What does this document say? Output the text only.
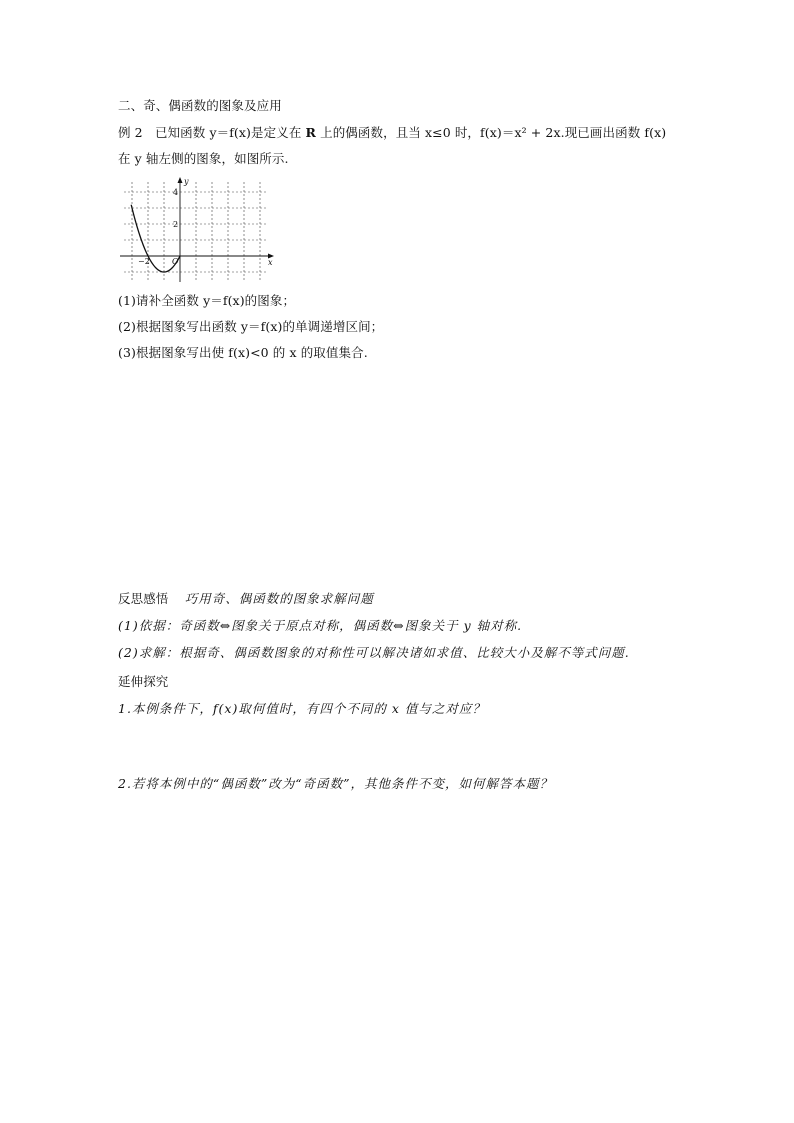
二、奇、偶函数的图象及应用
例 2 已知函数 y＝f(x)是定义在 R 上的偶函数，且当 x≤0 时，f(x)＝x² + 2x.现已画出函数 f(x)
在 y 轴左侧的图象，如图所示.
y
x
O
4
2
−2
(1)请补全函数 y＝f(x)的图象；
(2)根据图象写出函数 y＝f(x)的单调递增区间；
(3)根据图象写出使 f(x)<0 的 x 的取值集合.
反思感悟 巧用奇、偶函数的图象求解问题
(1)依据：奇函数⇔图象关于原点对称，偶函数⇔图象关于 y 轴对称.
(2)求解：根据奇、偶函数图象的对称性可以解决诸如求值、比较大小及解不等式问题.
延伸探究
1.本例条件下，f(x)取何值时，有四个不同的 x 值与之对应？
2.若将本例中的“偶函数”改为“奇函数”，其他条件不变，如何解答本题？
